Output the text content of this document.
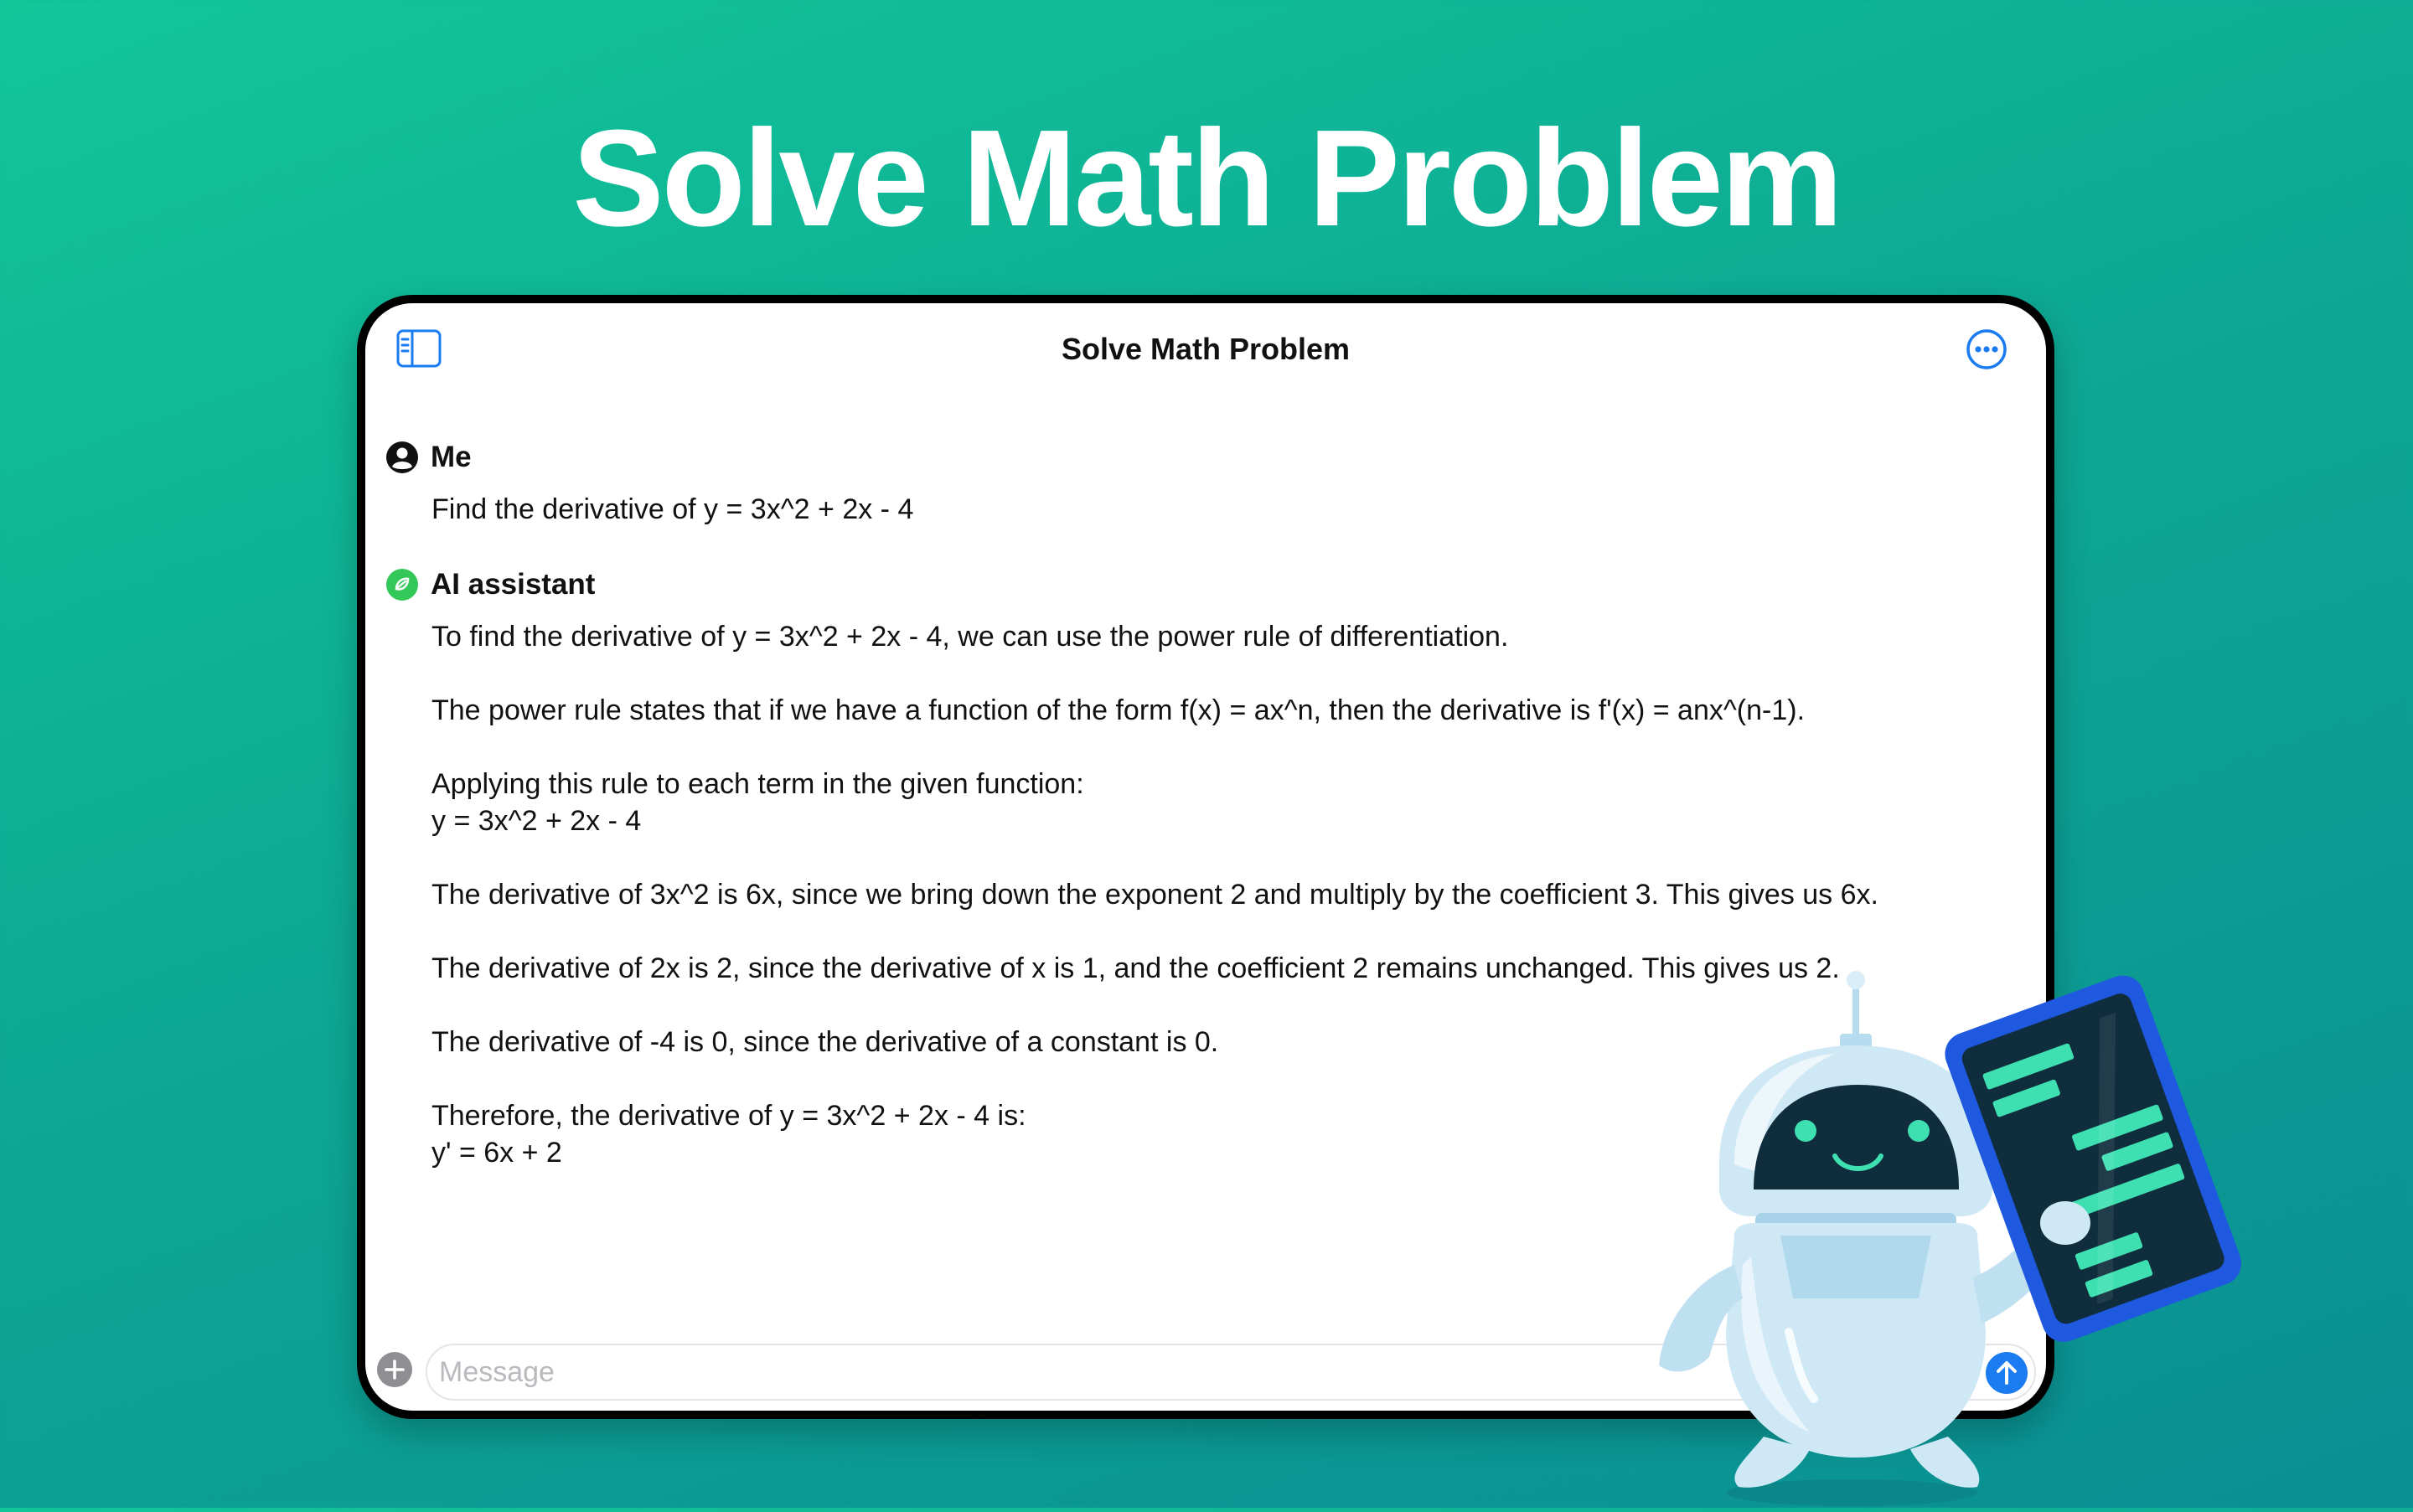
Solve Math Problem
Solve Math Problem
Me

Find the derivative of y = 3x^2 + 2x - 4

AI assistant

To find the derivative of y = 3x^2 + 2x - 4, we can use the power rule of differentiation.

The power rule states that if we have a function of the form f(x) = ax^n, then the derivative is f'(x) = anx^(n-1).

Applying this rule to each term in the given function:
y = 3x^2 + 2x - 4

The derivative of 3x^2 is 6x, since we bring down the exponent 2 and multiply by the coefficient 3. This gives us 6x.

The derivative of 2x is 2, since the derivative of x is 1, and the coefficient 2 remains unchanged. This gives us 2.

The derivative of -4 is 0, since the derivative of a constant is 0.

Therefore, the derivative of y = 3x^2 + 2x - 4 is:
y' = 6x + 2

Message
